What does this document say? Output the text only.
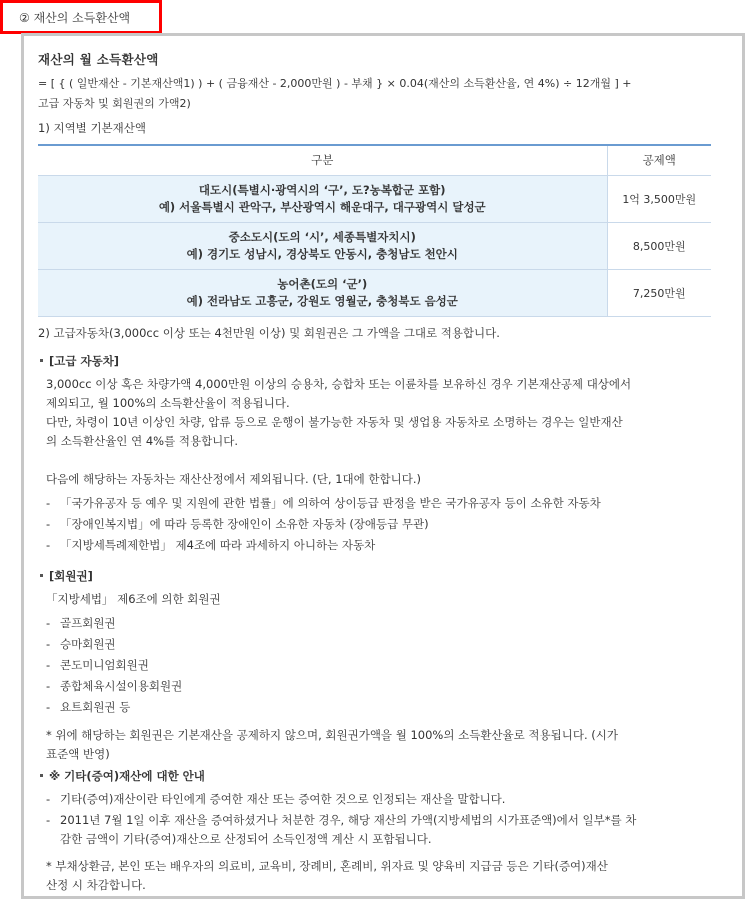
② 재산의 소득환산액
재산의 월 소득환산액
= [ { ( 일반재산 - 기본재산액1) ) + ( 금융재산 - 2,000만원 ) - 부채 } × 0.04(재산의 소득환산율, 연 4%) ÷ 12개월 ] +
고급 자동차 및 회원권의 가액2)
1) 지역별 기본재산액
구분	공제액

대도시(특별시·광역시의 ‘구’, 도?농복합군 포함)
예) 서울특별시 관악구, 부산광역시 해운대구, 대구광역시 달성군	1억 3,500만원

중소도시(도의 ‘시’, 세종특별자치시)
예) 경기도 성남시, 경상북도 안동시, 충청남도 천안시	8,500만원

농어촌(도의 ‘군’)
예) 전라남도 고흥군, 강원도 영월군, 충청북도 음성군	7,250만원
2) 고급자동차(3,000cc 이상 또는 4천만원 이상) 및 회원권은 그 가액을 그대로 적용합니다.
[고급 자동차]
3,000cc 이상 혹은 차량가액 4,000만원 이상의 승용차, 승합차 또는 이륜차를 보유하신 경우 기본재산공제 대상에서
제외되고, 월 100%의 소득환산율이 적용됩니다.
다만, 차령이 10년 이상인 차량, 압류 등으로 운행이 불가능한 자동차 및 생업용 자동차로 소명하는 경우는 일반재산
의 소득환산율인 연 4%를 적용합니다.
다음에 해당하는 자동차는 재산산정에서 제외됩니다. (단, 1대에 한합니다.)
- 「국가유공자 등 예우 및 지원에 관한 법률」에 의하여 상이등급 판정을 받은 국가유공자 등이 소유한 자동차
- 「장애인복지법」에 따라 등록한 장애인이 소유한 자동차 (장애등급 무관)
- 「지방세특례제한법」 제4조에 따라 과세하지 아니하는 자동차
[회원권]
「지방세법」 제6조에 의한 회원권
- 골프회원권
- 승마회원권
- 콘도미니엄회원권
- 종합체육시설이용회원권
- 요트회원권 등
* 위에 해당하는 회원권은 기본재산을 공제하지 않으며, 회원권가액을 월 100%의 소득환산율로 적용됩니다. (시가
표준액 반영)
※ 기타(증여)재산에 대한 안내
- 기타(증여)재산이란 타인에게 증여한 재산 또는 증여한 것으로 인정되는 재산을 말합니다.
- 2011년 7월 1일 이후 재산을 증여하셨거나 처분한 경우, 해당 재산의 가액(지방세법의 시가표준액)에서 일부*를 차
감한 금액이 기타(증여)재산으로 산정되어 소득인정액 계산 시 포함됩니다.
* 부채상환금, 본인 또는 배우자의 의료비, 교육비, 장례비, 혼례비, 위자료 및 양육비 지급금 등은 기타(증여)재산
산정 시 차감합니다.
